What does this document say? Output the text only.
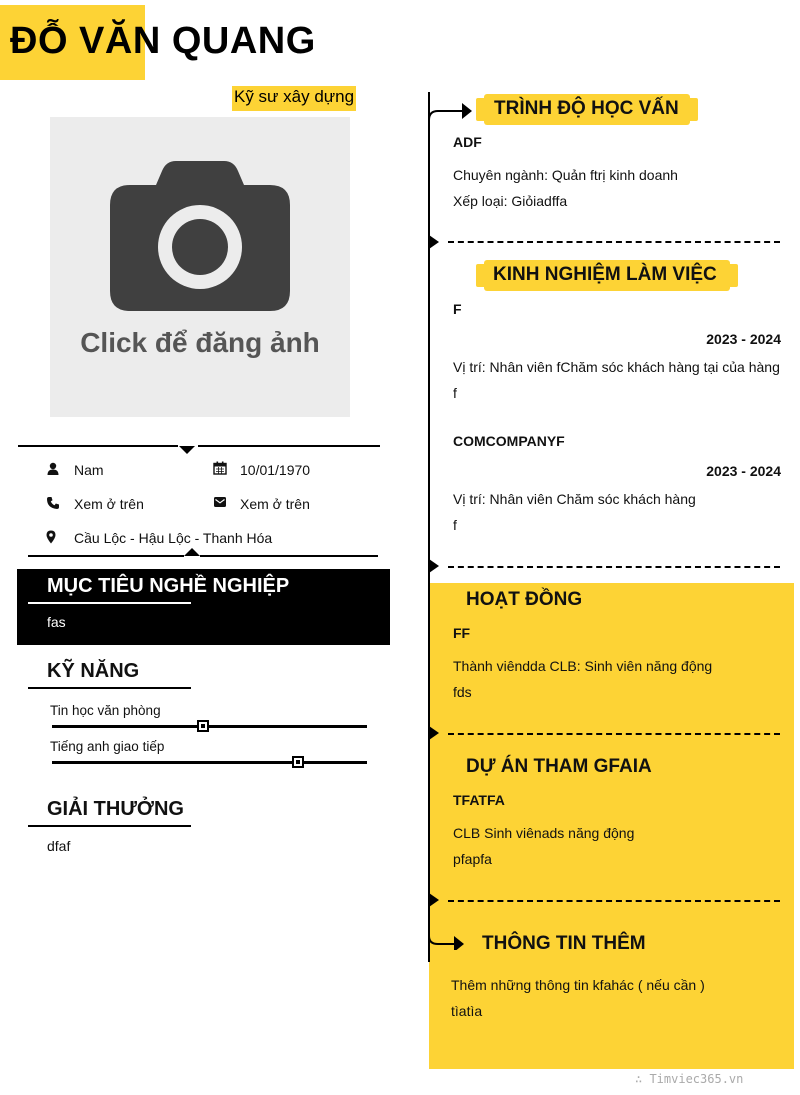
ĐỖ VĂN QUANG
Kỹ sư xây dựng
Click để đăng ảnh
Nam	10/01/1970
Xem ở trên	Xem ở trên
Cầu Lộc - Hậu Lộc - Thanh Hóa
MỤC TIÊU NGHỀ NGHIỆP
fas
KỸ NĂNG
Tin học văn phòng
Tiếng anh giao tiếp
GIẢI THƯỞNG
dfaf
TRÌNH ĐỘ HỌC VẤN
ADF
Chuyên ngành: Quản ftrị kinh doanh
Xếp loại: Giỏiadffa
KINH NGHIỆM LÀM VIỆC
F
2023 - 2024
Vị trí: Nhân viên fChăm sóc khách hàng tại của hàng
f
COMCOMPANYF
2023 - 2024
Vị trí: Nhân viên Chăm sóc khách hàng
f
HOẠT ĐỒNG
FF
Thành viêndda CLB: Sinh viên năng động
fds
DỰ ÁN THAM GFAIA
TFATFA
CLB Sinh viênads năng động
pfapfa
THÔNG TIN THÊM
Thêm những thông tin kfahác ( nếu cần )
tìatìa
∴ Timviec365.vn
